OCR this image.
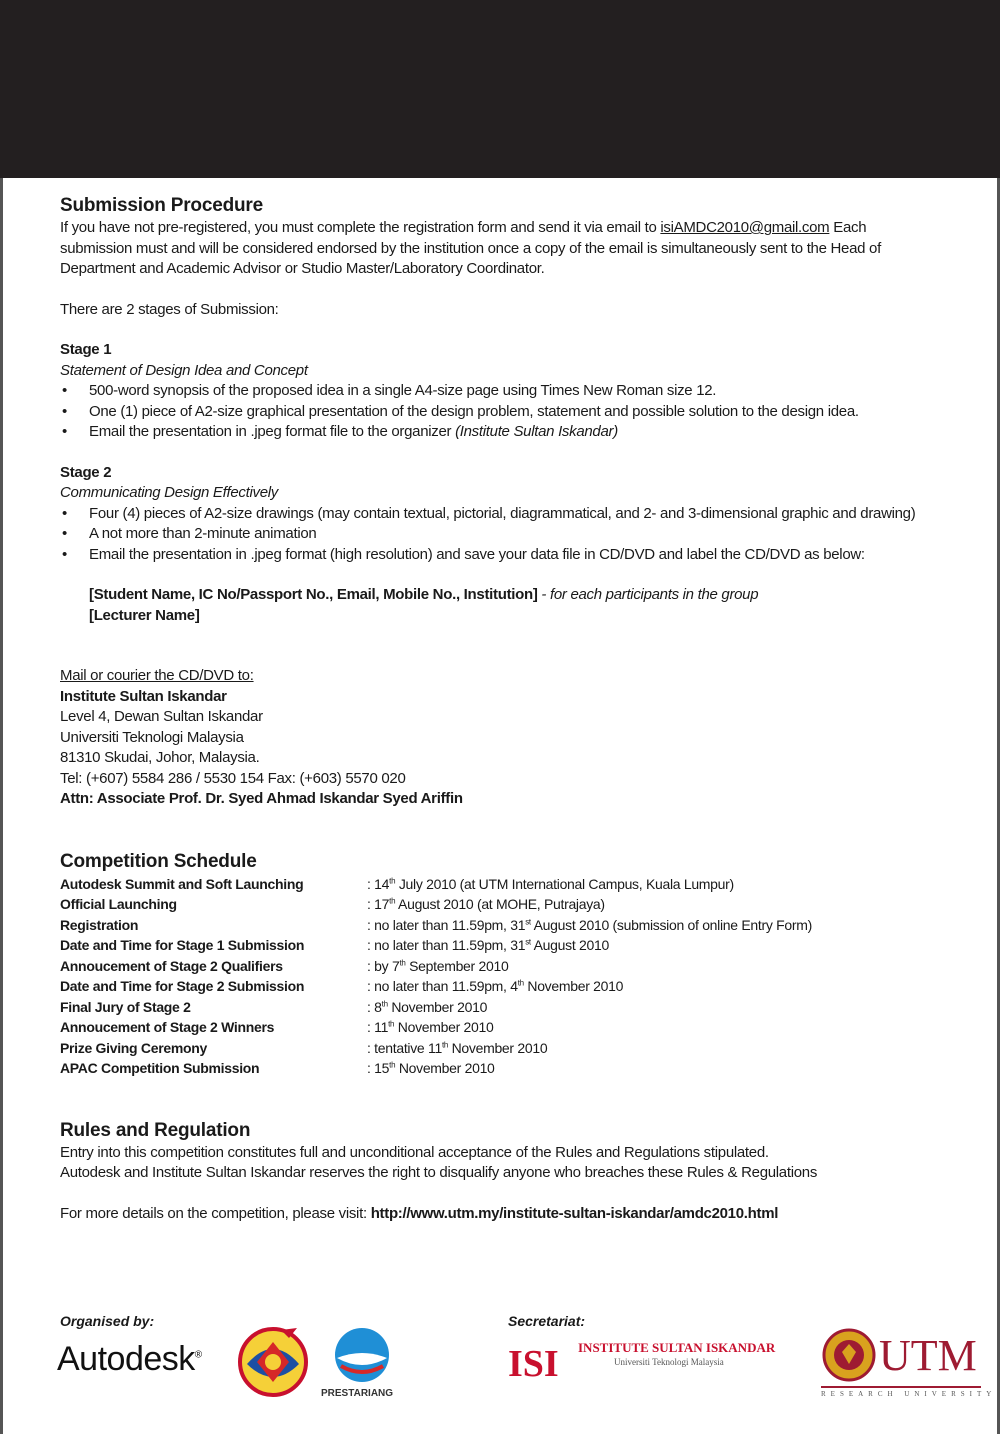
Submission Procedure

If you have not pre-registered, you must complete the registration form and send it via email to isiAMDC2010@gmail.com Each submission must and will be considered endorsed by the institution once a copy of the email is simultaneously sent to the Head of Department and Academic Advisor or Studio Master/Laboratory Coordinator.

There are 2 stages of Submission:

Stage 1

Statement of Design Idea and Concept

• 500-word synopsis of the proposed idea in a single A4-size page using Times New Roman size 12.
• One (1) piece of A2-size graphical presentation of the design problem, statement and possible solution to the design idea.
• Email the presentation in .jpeg format file to the organizer (Institute Sultan Iskandar)

Stage 2

Communicating Design Effectively

• Four (4) pieces of A2-size drawings (may contain textual, pictorial, diagrammatical, and 2- and 3-dimensional graphic and drawing)
• A not more than 2-minute animation
• Email the presentation in .jpeg format (high resolution) and save your data file in CD/DVD and label the CD/DVD as below:

[Student Name, IC No/Passport No., Email, Mobile No., Institution] - for each participants in the group

[Lecturer Name]

Mail or courier the CD/DVD to:

Institute Sultan Iskandar

Level 4, Dewan Sultan Iskandar

Universiti Teknologi Malaysia

81310 Skudai, Johor, Malaysia.

Tel: (+607) 5584 286 / 5530 154 Fax: (+603) 5570 020

Attn: Associate Prof. Dr. Syed Ahmad Iskandar Syed Ariffin

Competition Schedule
Autodesk Summit and Soft Launching	: 14th July 2010 (at UTM International Campus, Kuala Lumpur)
Official Launching	: 17th August 2010 (at MOHE, Putrajaya)
Registration	: no later than 11.59pm, 31st August 2010 (submission of online Entry Form)
Date and Time for Stage 1 Submission	: no later than 11.59pm, 31st August 2010
Annoucement of Stage 2 Qualifiers	: by 7th September 2010
Date and Time for Stage 2 Submission	: no later than 11.59pm, 4th November 2010
Final Jury of Stage 2	: 8th November 2010
Annoucement of Stage 2 Winners	: 11th November 2010
Prize Giving Ceremony	: tentative 11th November 2010
APAC Competition Submission	: 15th November 2010
Rules and Regulation

Entry into this competition constitutes full and unconditional acceptance of the Rules and Regulations stipulated.

Autodesk and Institute Sultan Iskandar reserves the right to disqualify anyone who breaches these Rules & Regulations

For more details on the competition, please visit: http://www.utm.my/institute-sultan-iskandar/amdc2010.html

Organised by:	Secretariat:
Autodesk®
PRESTARIANG
ISI INSTITUTE SULTAN ISKANDAR
Universiti Teknologi Malaysia	UTM
RESEARCH UNIVERSITY
